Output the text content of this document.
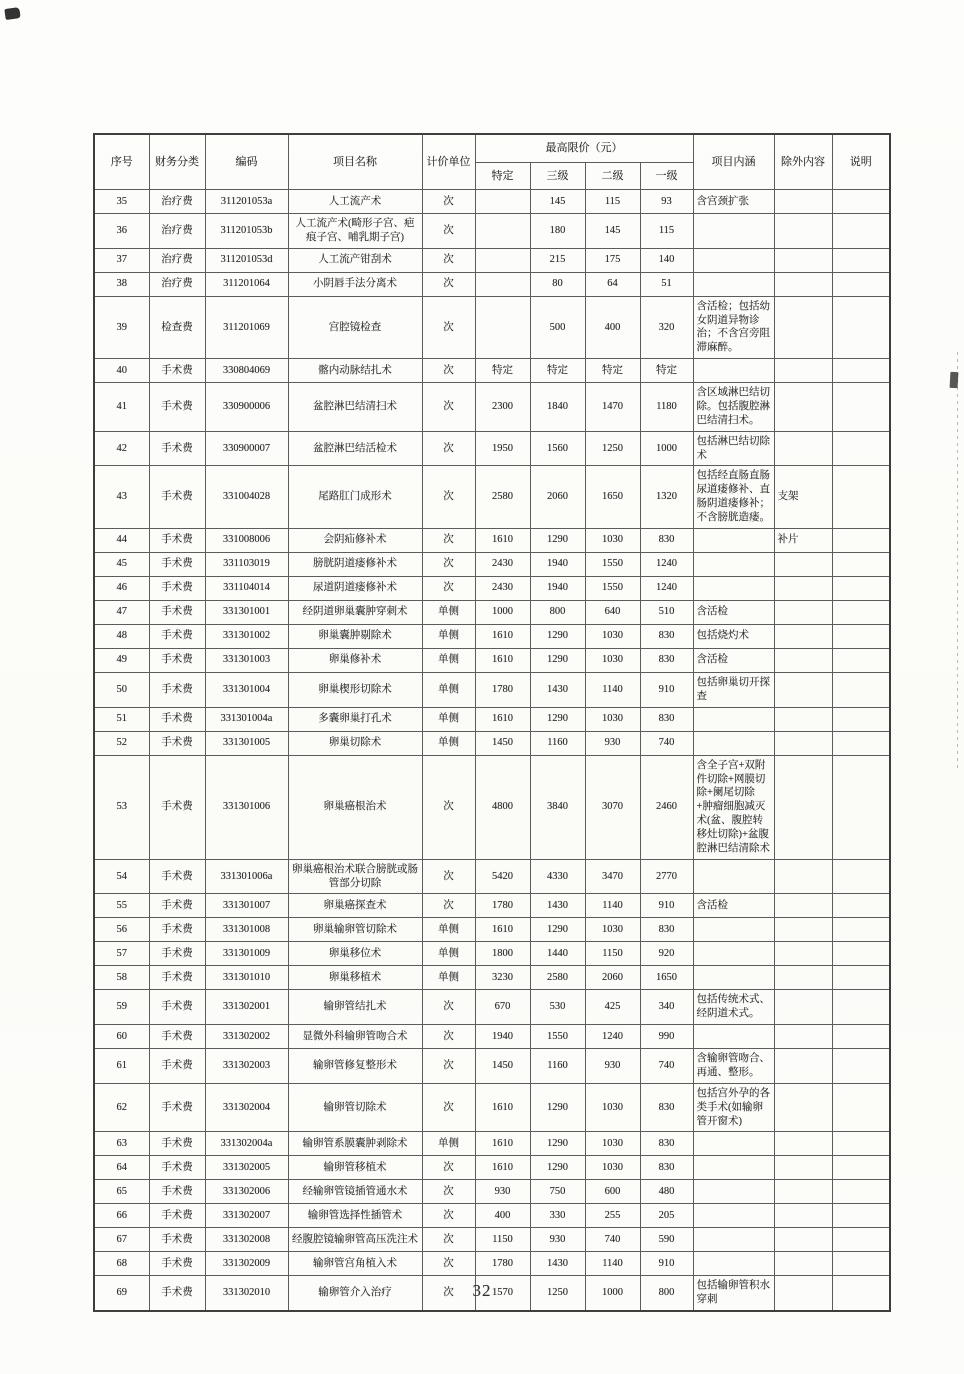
序号	财务分类	编码	项目名称	计价单位	最高限价（元）				项目内涵	除外内容	说明
					特定	三级	二级	一级			
35	治疗费	311201053a	人工流产术	次		145	115	93	含宫颈扩张		
36	治疗费	311201053b	人工流产术(畸形子宫、疤痕子宫、哺乳期子宫)	次		180	145	115			
37	治疗费	311201053d	人工流产钳刮术	次		215	175	140			
38	治疗费	311201064	小阴唇手法分离术	次		80	64	51			
39	检查费	311201069	宫腔镜检查	次		500	400	320	含活检；包括幼女阴道异物诊治；不含宫旁阻滞麻醉。		
40	手术费	330804069	髂内动脉结扎术	次	特定	特定	特定	特定			
41	手术费	330900006	盆腔淋巴结清扫术	次	2300	1840	1470	1180	含区域淋巴结切除。包括腹腔淋巴结清扫术。		
42	手术费	330900007	盆腔淋巴结活检术	次	1950	1560	1250	1000	包括淋巴结切除术		
43	手术费	331004028	尾路肛门成形术	次	2580	2060	1650	1320	包括经直肠直肠尿道瘘修补、直肠阴道瘘修补；不含膀胱造瘘。	支架	
44	手术费	331008006	会阴疝修补术	次	1610	1290	1030	830		补片	
45	手术费	331103019	膀胱阴道瘘修补术	次	2430	1940	1550	1240			
46	手术费	331104014	尿道阴道瘘修补术	次	2430	1940	1550	1240			
47	手术费	331301001	经阴道卵巢囊肿穿刺术	单侧	1000	800	640	510	含活检		
48	手术费	331301002	卵巢囊肿剔除术	单侧	1610	1290	1030	830	包括烧灼术		
49	手术费	331301003	卵巢修补术	单侧	1610	1290	1030	830	含活检		
50	手术费	331301004	卵巢楔形切除术	单侧	1780	1430	1140	910	包括卵巢切开探查		
51	手术费	331301004a	多囊卵巢打孔术	单侧	1610	1290	1030	830			
52	手术费	331301005	卵巢切除术	单侧	1450	1160	930	740			
53	手术费	331301006	卵巢癌根治术	次	4800	3840	3070	2460	含全子宫+双附件切除+网膜切除+阑尾切除+肿瘤细胞减灭术(盆、腹腔转移灶切除)+盆腹腔淋巴结清除术		
54	手术费	331301006a	卵巢癌根治术联合膀胱或肠管部分切除	次	5420	4330	3470	2770			
55	手术费	331301007	卵巢癌探查术	次	1780	1430	1140	910	含活检		
56	手术费	331301008	卵巢输卵管切除术	单侧	1610	1290	1030	830			
57	手术费	331301009	卵巢移位术	单侧	1800	1440	1150	920			
58	手术费	331301010	卵巢移植术	单侧	3230	2580	2060	1650			
59	手术费	331302001	输卵管结扎术	次	670	530	425	340	包括传统术式、经阴道术式。		
60	手术费	331302002	显微外科输卵管吻合术	次	1940	1550	1240	990			
61	手术费	331302003	输卵管修复整形术	次	1450	1160	930	740	含输卵管吻合、再通、整形。		
62	手术费	331302004	输卵管切除术	次	1610	1290	1030	830	包括宫外孕的各类手术(如输卵管开窗术)		
63	手术费	331302004a	输卵管系膜囊肿剥除术	单侧	1610	1290	1030	830			
64	手术费	331302005	输卵管移植术	次	1610	1290	1030	830			
65	手术费	331302006	经输卵管镜插管通水术	次	930	750	600	480			
66	手术费	331302007	输卵管选择性插管术	次	400	330	255	205			
67	手术费	331302008	经腹腔镜输卵管高压洗注术	次	1150	930	740	590			
68	手术费	331302009	输卵管宫角植入术	次	1780	1430	1140	910			
69	手术费	331302010	输卵管介入治疗	次	1570	1250	1000	800	包括输卵管积水穿刺		
32
